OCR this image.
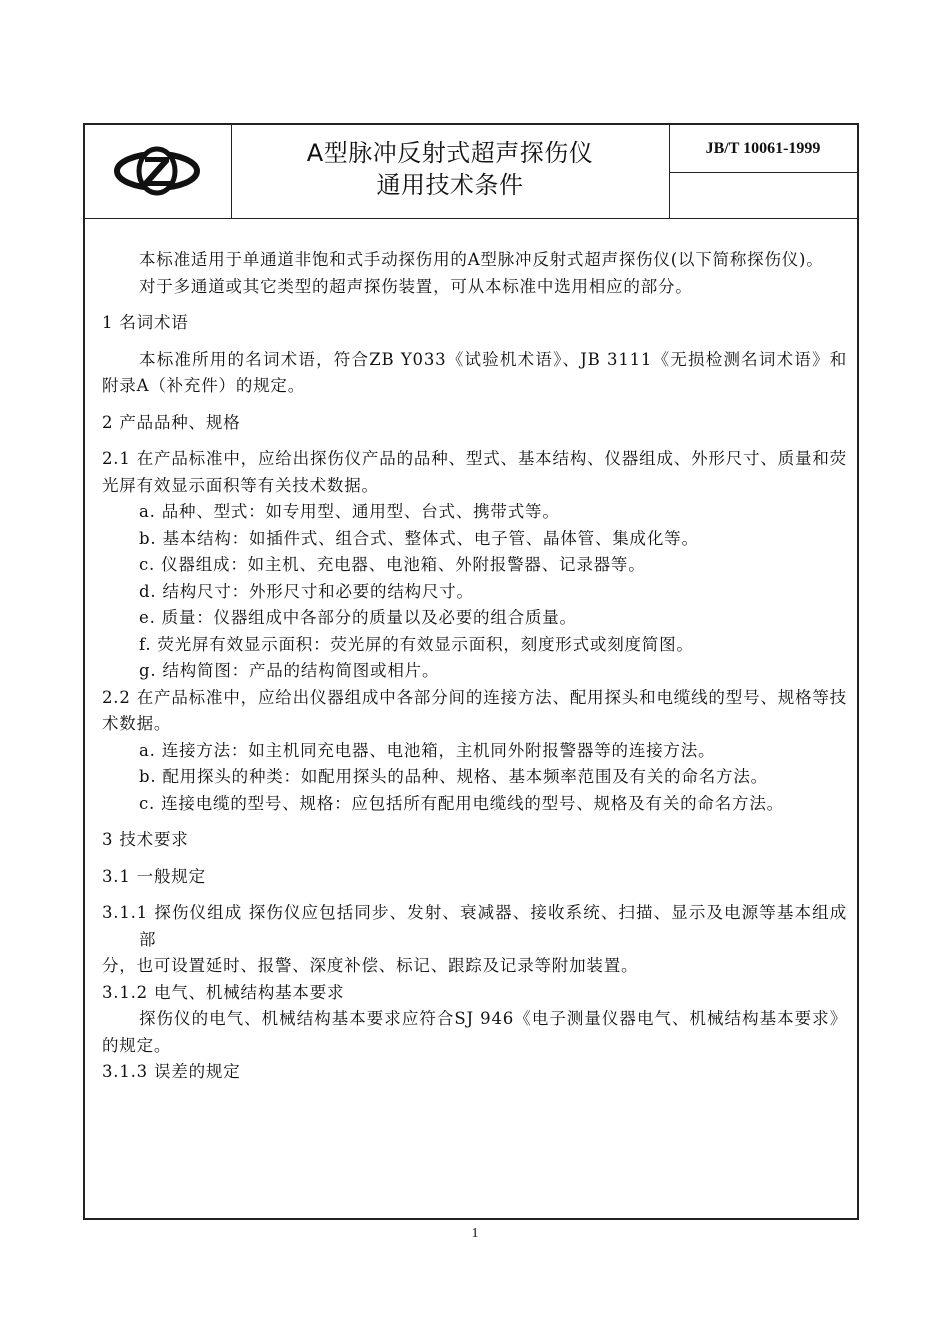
Z	A型脉冲反射式超声探伤仪
通用技术条件
JB/T 10061-1999

本标准适用于单通道非饱和式手动探伤用的A型脉冲反射式超声探伤仪(以下简称探伤仪)。

对于多通道或其它类型的超声探伤装置，可从本标准中选用相应的部分。

1 名词术语

本标准所用的名词术语，符合ZB Y033《试验机术语》、JB 3111《无损检测名词术语》和附录A（补充件）的规定。

2 产品品种、规格

2.1 在产品标准中，应给出探伤仪产品的品种、型式、基本结构、仪器组成、外形尺寸、质量和荧光屏有效显示面积等有关技术数据。

a. 品种、型式：如专用型、通用型、台式、携带式等。

b. 基本结构：如插件式、组合式、整体式、电子管、晶体管、集成化等。

c. 仪器组成：如主机、充电器、电池箱、外附报警器、记录器等。

d. 结构尺寸：外形尺寸和必要的结构尺寸。

e. 质量：仪器组成中各部分的质量以及必要的组合质量。

f. 荧光屏有效显示面积：荧光屏的有效显示面积，刻度形式或刻度简图。

g. 结构简图：产品的结构简图或相片。

2.2 在产品标准中，应给出仪器组成中各部分间的连接方法、配用探头和电缆线的型号、规格等技术数据。

a. 连接方法：如主机同充电器、电池箱，主机同外附报警器等的连接方法。

b. 配用探头的种类：如配用探头的品种、规格、基本频率范围及有关的命名方法。

c. 连接电缆的型号、规格：应包括所有配用电缆线的型号、规格及有关的命名方法。

3 技术要求

3.1 一般规定

3.1.1 探伤仪组成 探伤仪应包括同步、发射、衰减器、接收系统、扫描、显示及电源等基本组成部

分，也可设置延时、报警、深度补偿、标记、跟踪及记录等附加装置。

3.1.2 电气、机械结构基本要求

探伤仪的电气、机械结构基本要求应符合SJ 946《电子测量仪器电气、机械结构基本要求》的规定。

3.1.3 误差的规定

1
